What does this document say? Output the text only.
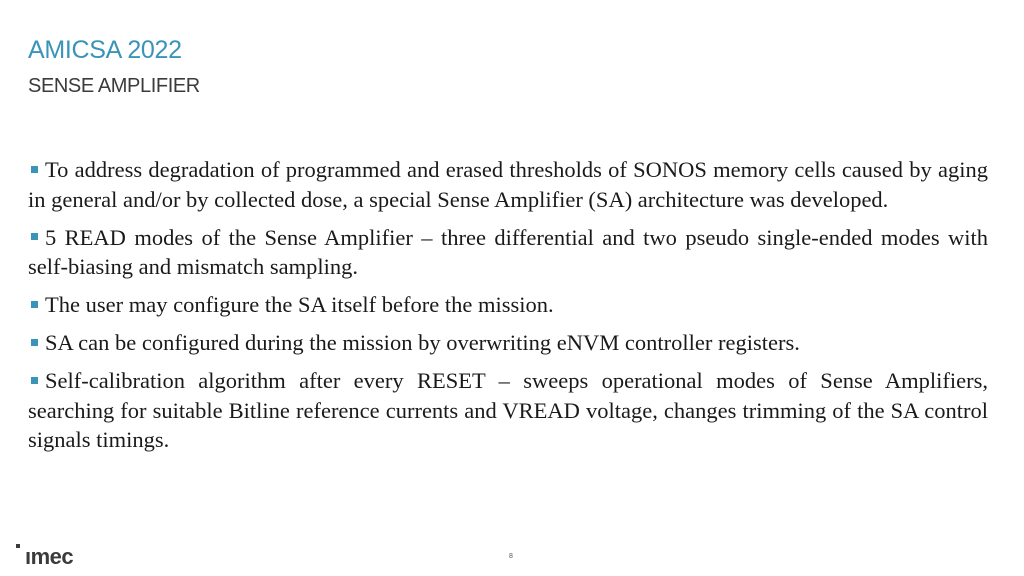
AMICSA 2022
SENSE AMPLIFIER
To address degradation of programmed and erased thresholds of SONOS memory cells caused by aging in general and/or by collected dose, a special Sense Amplifier (SA) architecture was developed.
5 READ modes of the Sense Amplifier – three differential and two pseudo single-ended modes with self-biasing and mismatch sampling.
The user may configure the SA itself before the mission.
SA can be configured during the mission by overwriting eNVM controller registers.
Self-calibration algorithm after every RESET – sweeps operational modes of Sense Amplifiers, searching for suitable Bitline reference currents and VREAD voltage, changes trimming of the SA control signals timings.
ımec	8
